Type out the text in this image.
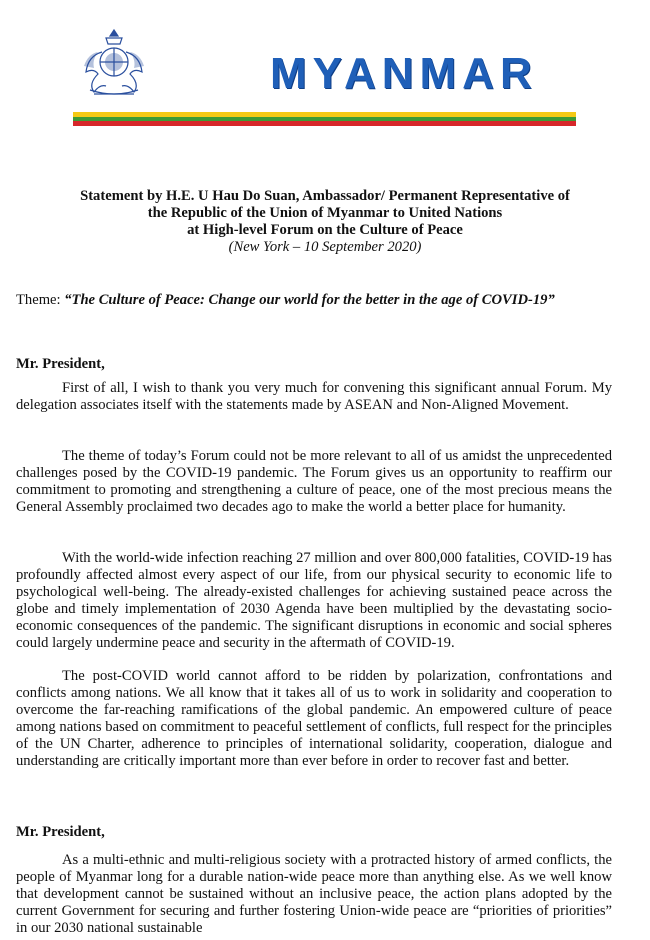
MYANMAR
Statement by H.E. U Hau Do Suan, Ambassador/ Permanent Representative of
the Republic of the Union of Myanmar to United Nations
at High-level Forum on the Culture of Peace
(New York – 10 September 2020)
Theme: “The Culture of Peace: Change our world for the better in the age of COVID-19”
Mr. President,

First of all, I wish to thank you very much for convening this significant annual Forum. My delegation associates itself with the statements made by ASEAN and Non-Aligned Movement.

The theme of today’s Forum could not be more relevant to all of us amidst the unprecedented challenges posed by the COVID-19 pandemic. The Forum gives us an opportunity to reaffirm our commitment to promoting and strengthening a culture of peace, one of the most precious means the General Assembly proclaimed two decades ago to make the world a better place for humanity.

With the world-wide infection reaching 27 million and over 800,000 fatalities, COVID-19 has profoundly affected almost every aspect of our life, from our physical security to economic life to psychological well-being. The already-existed challenges for achieving sustained peace across the globe and timely implementation of 2030 Agenda have been multiplied by the devastating socio-economic consequences of the pandemic. The significant disruptions in economic and social spheres could largely undermine peace and security in the aftermath of COVID-19.

The post-COVID world cannot afford to be ridden by polarization, confrontations and conflicts among nations. We all know that it takes all of us to work in solidarity and cooperation to overcome the far-reaching ramifications of the global pandemic. An empowered culture of peace among nations based on commitment to peaceful settlement of conflicts, full respect for the principles of the UN Charter, adherence to principles of international solidarity, cooperation, dialogue and understanding are critically important more than ever before in order to recover fast and better.

Mr. President,

As a multi-ethnic and multi-religious society with a protracted history of armed conflicts, the people of Myanmar long for a durable nation-wide peace more than anything else. As we well know that development cannot be sustained without an inclusive peace, the action plans adopted by the current Government for securing and further fostering Union-wide peace are “priorities of priorities” in our 2030 national sustainable
